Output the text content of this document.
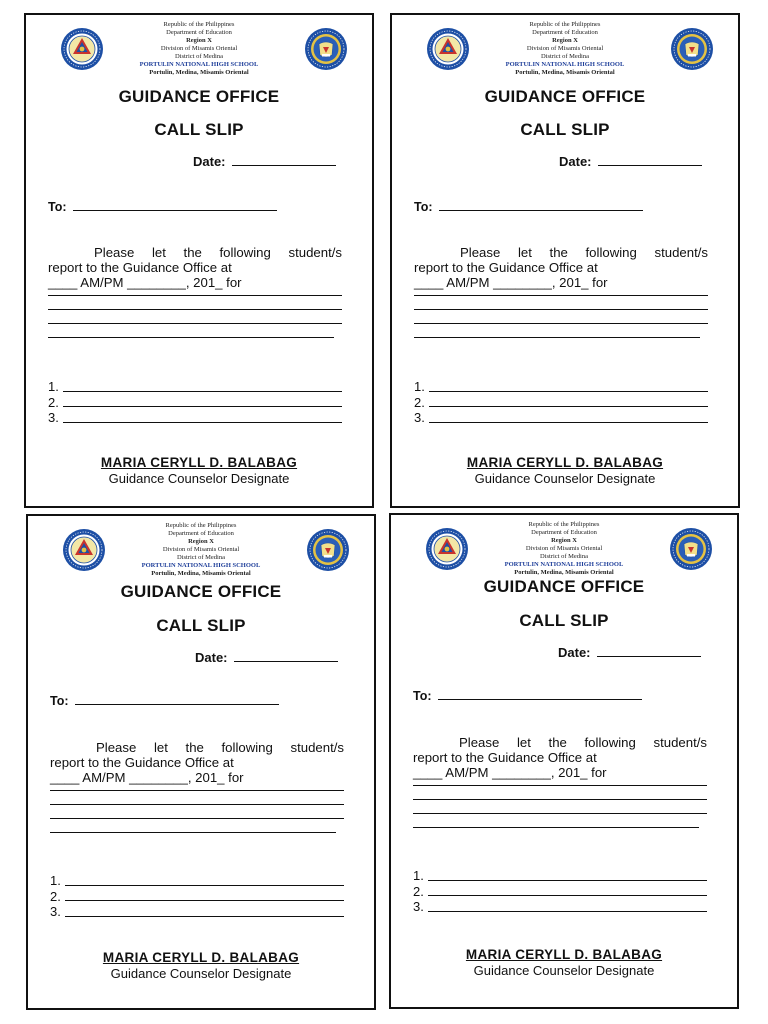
Republic of the Philippines
Department of Education
Region X
Division of Misamis Oriental
District of Medina
PORTULIN NATIONAL HIGH SCHOOL
Portulin, Medina, Misamis Oriental
GUIDANCE OFFICE
CALL SLIP
Date:
To:
Please let the following student/s
report to the Guidance Office at
____ AM/PM ________, 201_ for
1.
2.
3.
MARIA CERYLL D. BALABAG
Guidance Counselor Designate
Republic of the Philippines
Department of Education
Region X
Division of Misamis Oriental
District of Medina
PORTULIN NATIONAL HIGH SCHOOL
Portulin, Medina, Misamis Oriental
GUIDANCE OFFICE
CALL SLIP
Date:
To:
Please let the following student/s
report to the Guidance Office at
____ AM/PM ________, 201_ for
1.
2.
3.
MARIA CERYLL D. BALABAG
Guidance Counselor Designate
Republic of the Philippines
Department of Education
Region X
Division of Misamis Oriental
District of Medina
PORTULIN NATIONAL HIGH SCHOOL
Portulin, Medina, Misamis Oriental
GUIDANCE OFFICE
CALL SLIP
Date:
To:
Please let the following student/s
report to the Guidance Office at
____ AM/PM ________, 201_ for
1.
2.
3.
MARIA CERYLL D. BALABAG
Guidance Counselor Designate
Republic of the Philippines
Department of Education
Region X
Division of Misamis Oriental
District of Medina
PORTULIN NATIONAL HIGH SCHOOL
Portulin, Medina, Misamis Oriental
GUIDANCE OFFICE
CALL SLIP
Date:
To:
Please let the following student/s
report to the Guidance Office at
____ AM/PM ________, 201_ for
1.
2.
3.
MARIA CERYLL D. BALABAG
Guidance Counselor Designate
